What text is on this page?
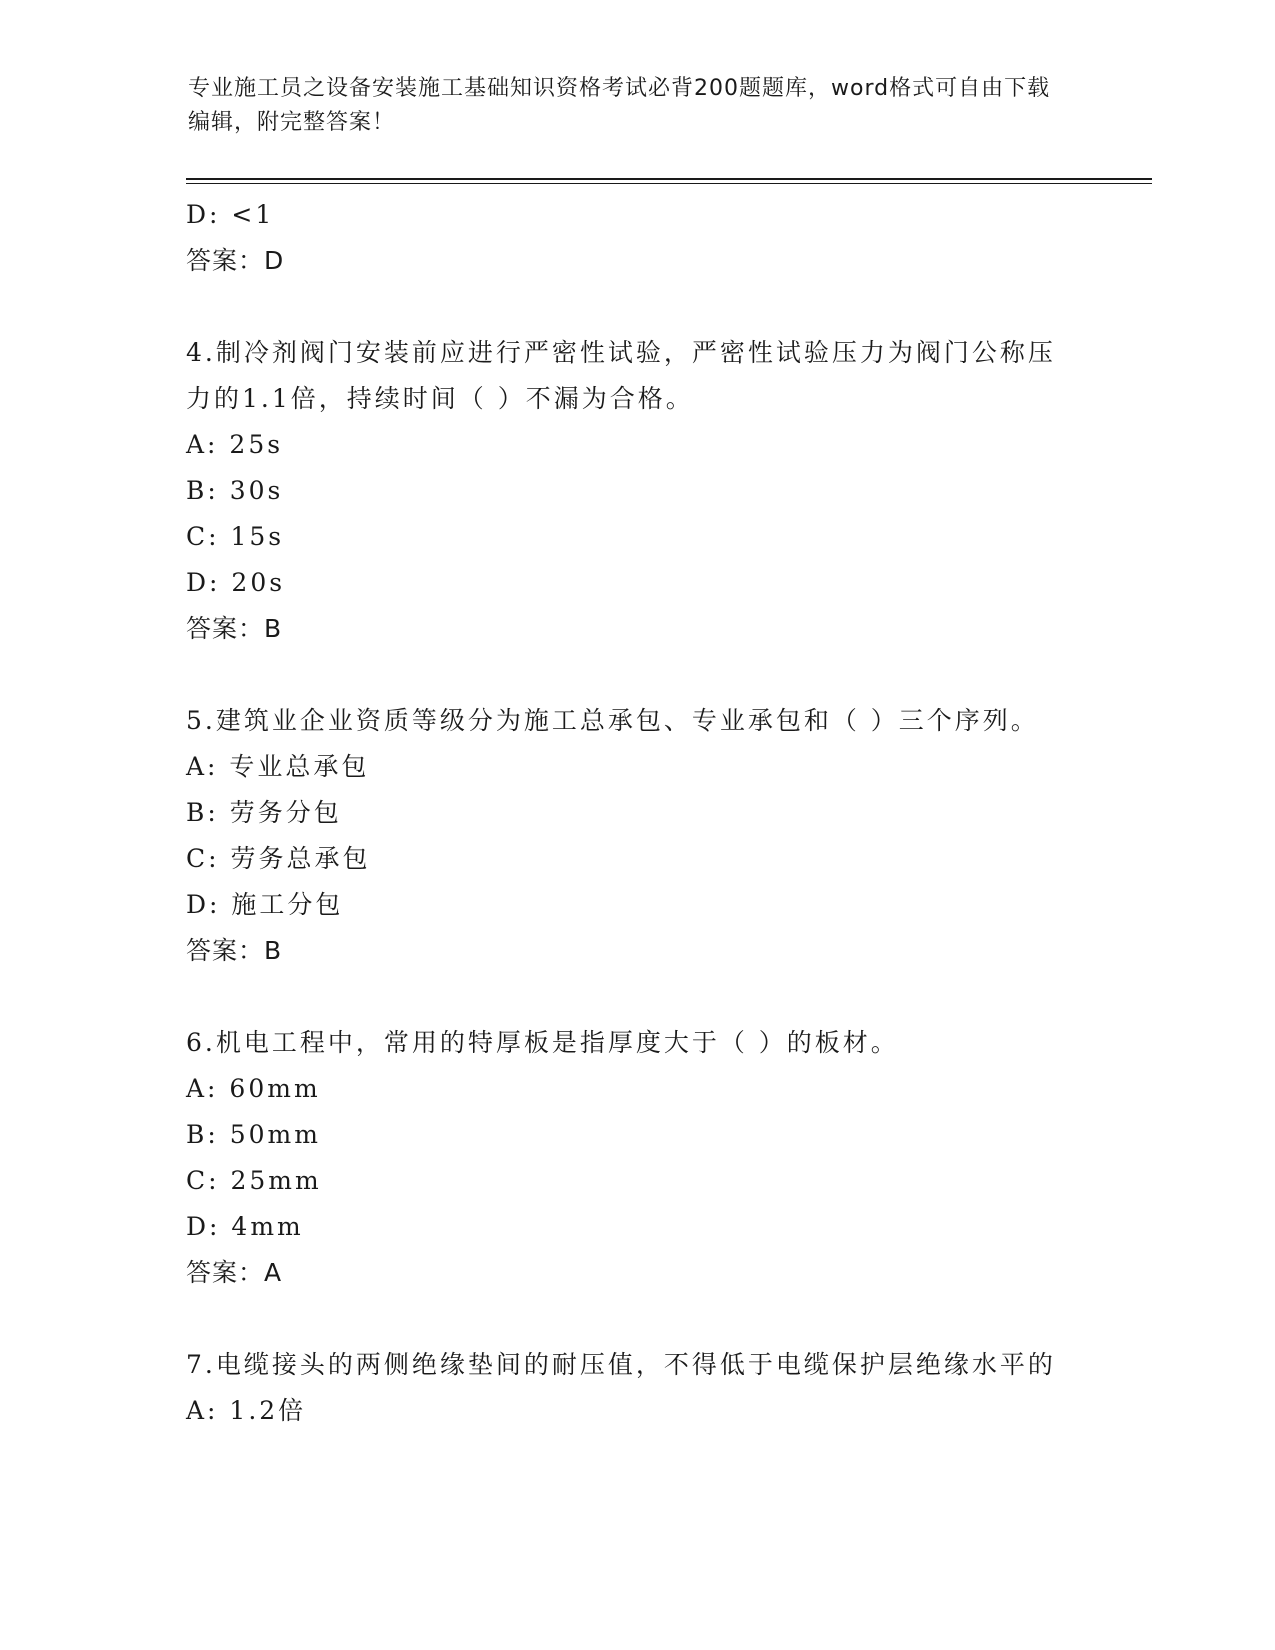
专业施工员之设备安装施工基础知识资格考试必背200题题库，word格式可自由下载编辑，附完整答案！
D: <1
答案：D
4.制冷剂阀门安装前应进行严密性试验，严密性试验压力为阀门公称压力的1.1倍，持续时间（ ）不漏为合格。
A: 25s
B: 30s
C: 15s
D: 20s
答案：B
5.建筑业企业资质等级分为施工总承包、专业承包和（ ）三个序列。
A: 专业总承包
B: 劳务分包
C: 劳务总承包
D: 施工分包
答案：B
6.机电工程中，常用的特厚板是指厚度大于（ ）的板材。
A: 60mm
B: 50mm
C: 25mm
D: 4mm
答案：A
7.电缆接头的两侧绝缘垫间的耐压值，不得低于电缆保护层绝缘水平的
A: 1.2倍
